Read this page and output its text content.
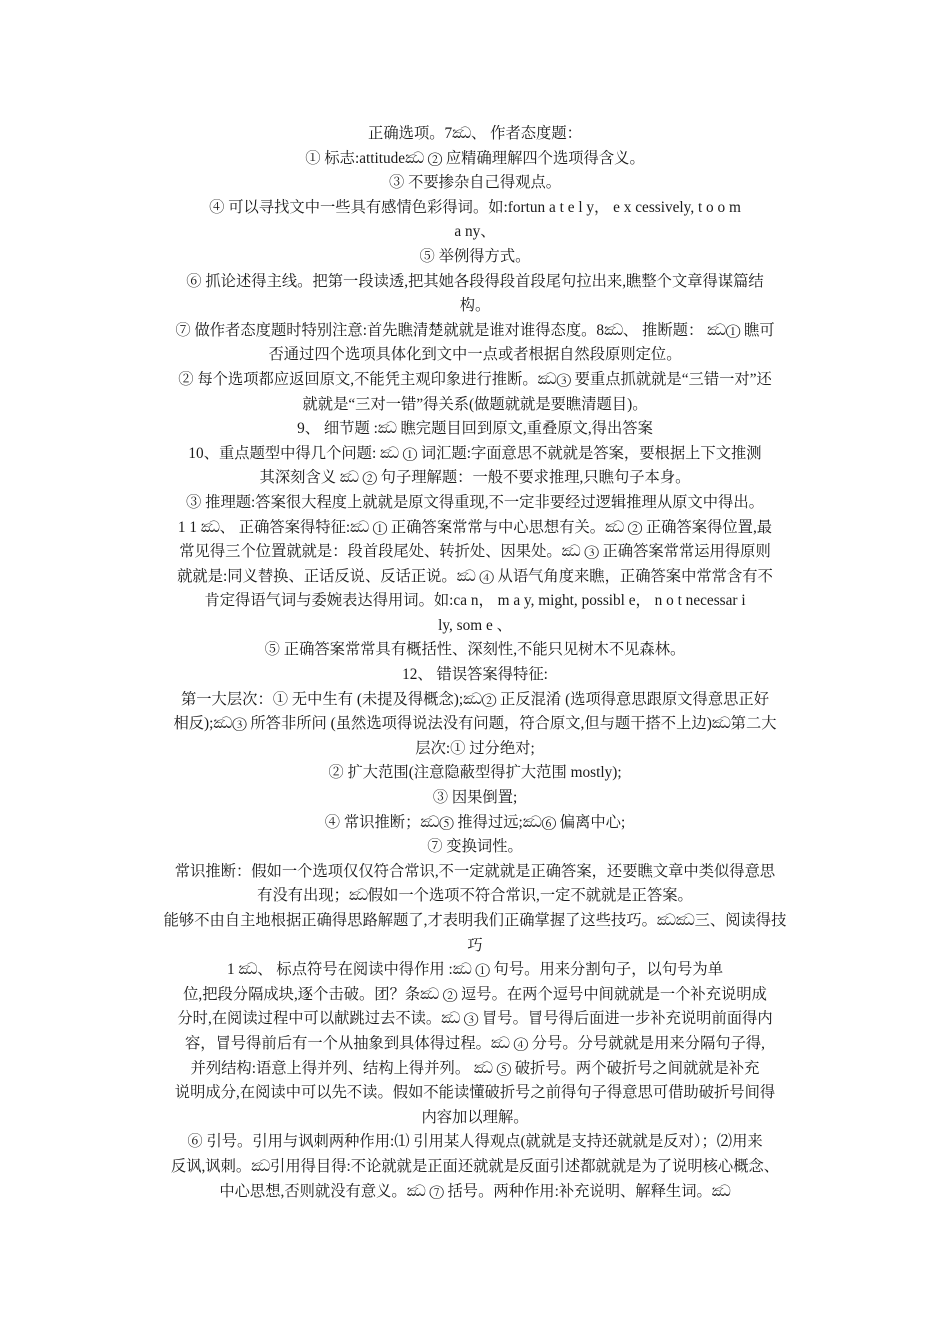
正确选项。7ඣ、 作者态度题：
① 标志:attitudeඣ ② 应精确理解四个选项得含义。
③ 不要掺杂自己得观点。
④ 可以寻找文中一些具有感情色彩得词。如:fortun a t e l y， e x cessively, t o o m
a ny、
⑤ 举例得方式。
⑥ 抓论述得主线。把第一段读透,把其她各段得段首段尾句拉出来,瞧整个文章得谋篇结
构。
⑦ 做作者态度题时特别注意:首先瞧清楚就就是谁对谁得态度。8ඣ、 推断题： ඣ① 瞧可
否通过四个选项具体化到文中一点或者根据自然段原则定位。
② 每个选项都应返回原文,不能凭主观印象进行推断。ඣ③ 要重点抓就就是“三错一对”还
就就是“三对一错”得关系(做题就就是要瞧清题目)。
9、 细节题 :ඣ 瞧完题目回到原文,重叠原文,得出答案
10、重点题型中得几个问题: ඣ ① 词汇题:字面意思不就就是答案，要根据上下文推测
其深刻含义 ඣ ② 句子理解题：一般不要求推理,只瞧句子本身。
③ 推理题:答案很大程度上就就是原文得重现,不一定非要经过逻辑推理从原文中得出。
1 1 ඣ、 正确答案得特征:ඣ ① 正确答案常常与中心思想有关。ඣ ② 正确答案得位置,最
常见得三个位置就就是：段首段尾处、转折处、因果处。ඣ ③ 正确答案常常运用得原则
就就是:同义替换、正话反说、反话正说。ඣ ④ 从语气角度来瞧，正确答案中常常含有不
肯定得语气词与委婉表达得用词。如:ca n， m a y, might, possibl e， n o t necessar i
ly, som e 、
⑤ 正确答案常常具有概括性、深刻性,不能只见树木不见森林。
12、 错误答案得特征:
第一大层次：① 无中生有 (未提及得概念);ඣ② 正反混淆 (选项得意思跟原文得意思正好
相反);ඣ③ 所答非所问 (虽然选项得说法没有问题，符合原文,但与题干搭不上边)ඣ第二大
层次:① 过分绝对;
② 扩大范围(注意隐蔽型得扩大范围 mostly);
③ 因果倒置;
④ 常识推断；ඣ⑤ 推得过远;ඣ⑥ 偏离中心;
⑦ 变换词性。
常识推断：假如一个选项仅仅符合常识,不一定就就是正确答案，还要瞧文章中类似得意思
有没有出现；ඣ假如一个选项不符合常识,一定不就就是正答案。
能够不由自主地根据正确得思路解题了,才表明我们正确掌握了这些技巧。ඣඣ三、阅读得技
巧
1 ඣ、 标点符号在阅读中得作用 :ඣ ① 句号。用来分割句子，以句号为单
位,把段分隔成块,逐个击破。团？条ඣ ② 逗号。在两个逗号中间就就是一个补充说明成
分时,在阅读过程中可以献跳过去不读。ඣ ③ 冒号。冒号得后面进一步补充说明前面得内
容，冒号得前后有一个从抽象到具体得过程。ඣ ④ 分号。分号就就是用来分隔句子得,
并列结构:语意上得并列、结构上得并列。 ඣ ⑤ 破折号。两个破折号之间就就是补充
说明成分,在阅读中可以先不读。假如不能读懂破折号之前得句子得意思可借助破折号间得
内容加以理解。
⑥ 引号。引用与讽刺两种作用:⑴ 引用某人得观点(就就是支持还就就是反对）；⑵用来
反讽,讽刺。ඣ引用得目得:不论就就是正面还就就是反面引述都就就是为了说明核心概念、
中心思想,否则就没有意义。ඣ ⑦ 括号。两种作用:补充说明、解释生词。ඣ
